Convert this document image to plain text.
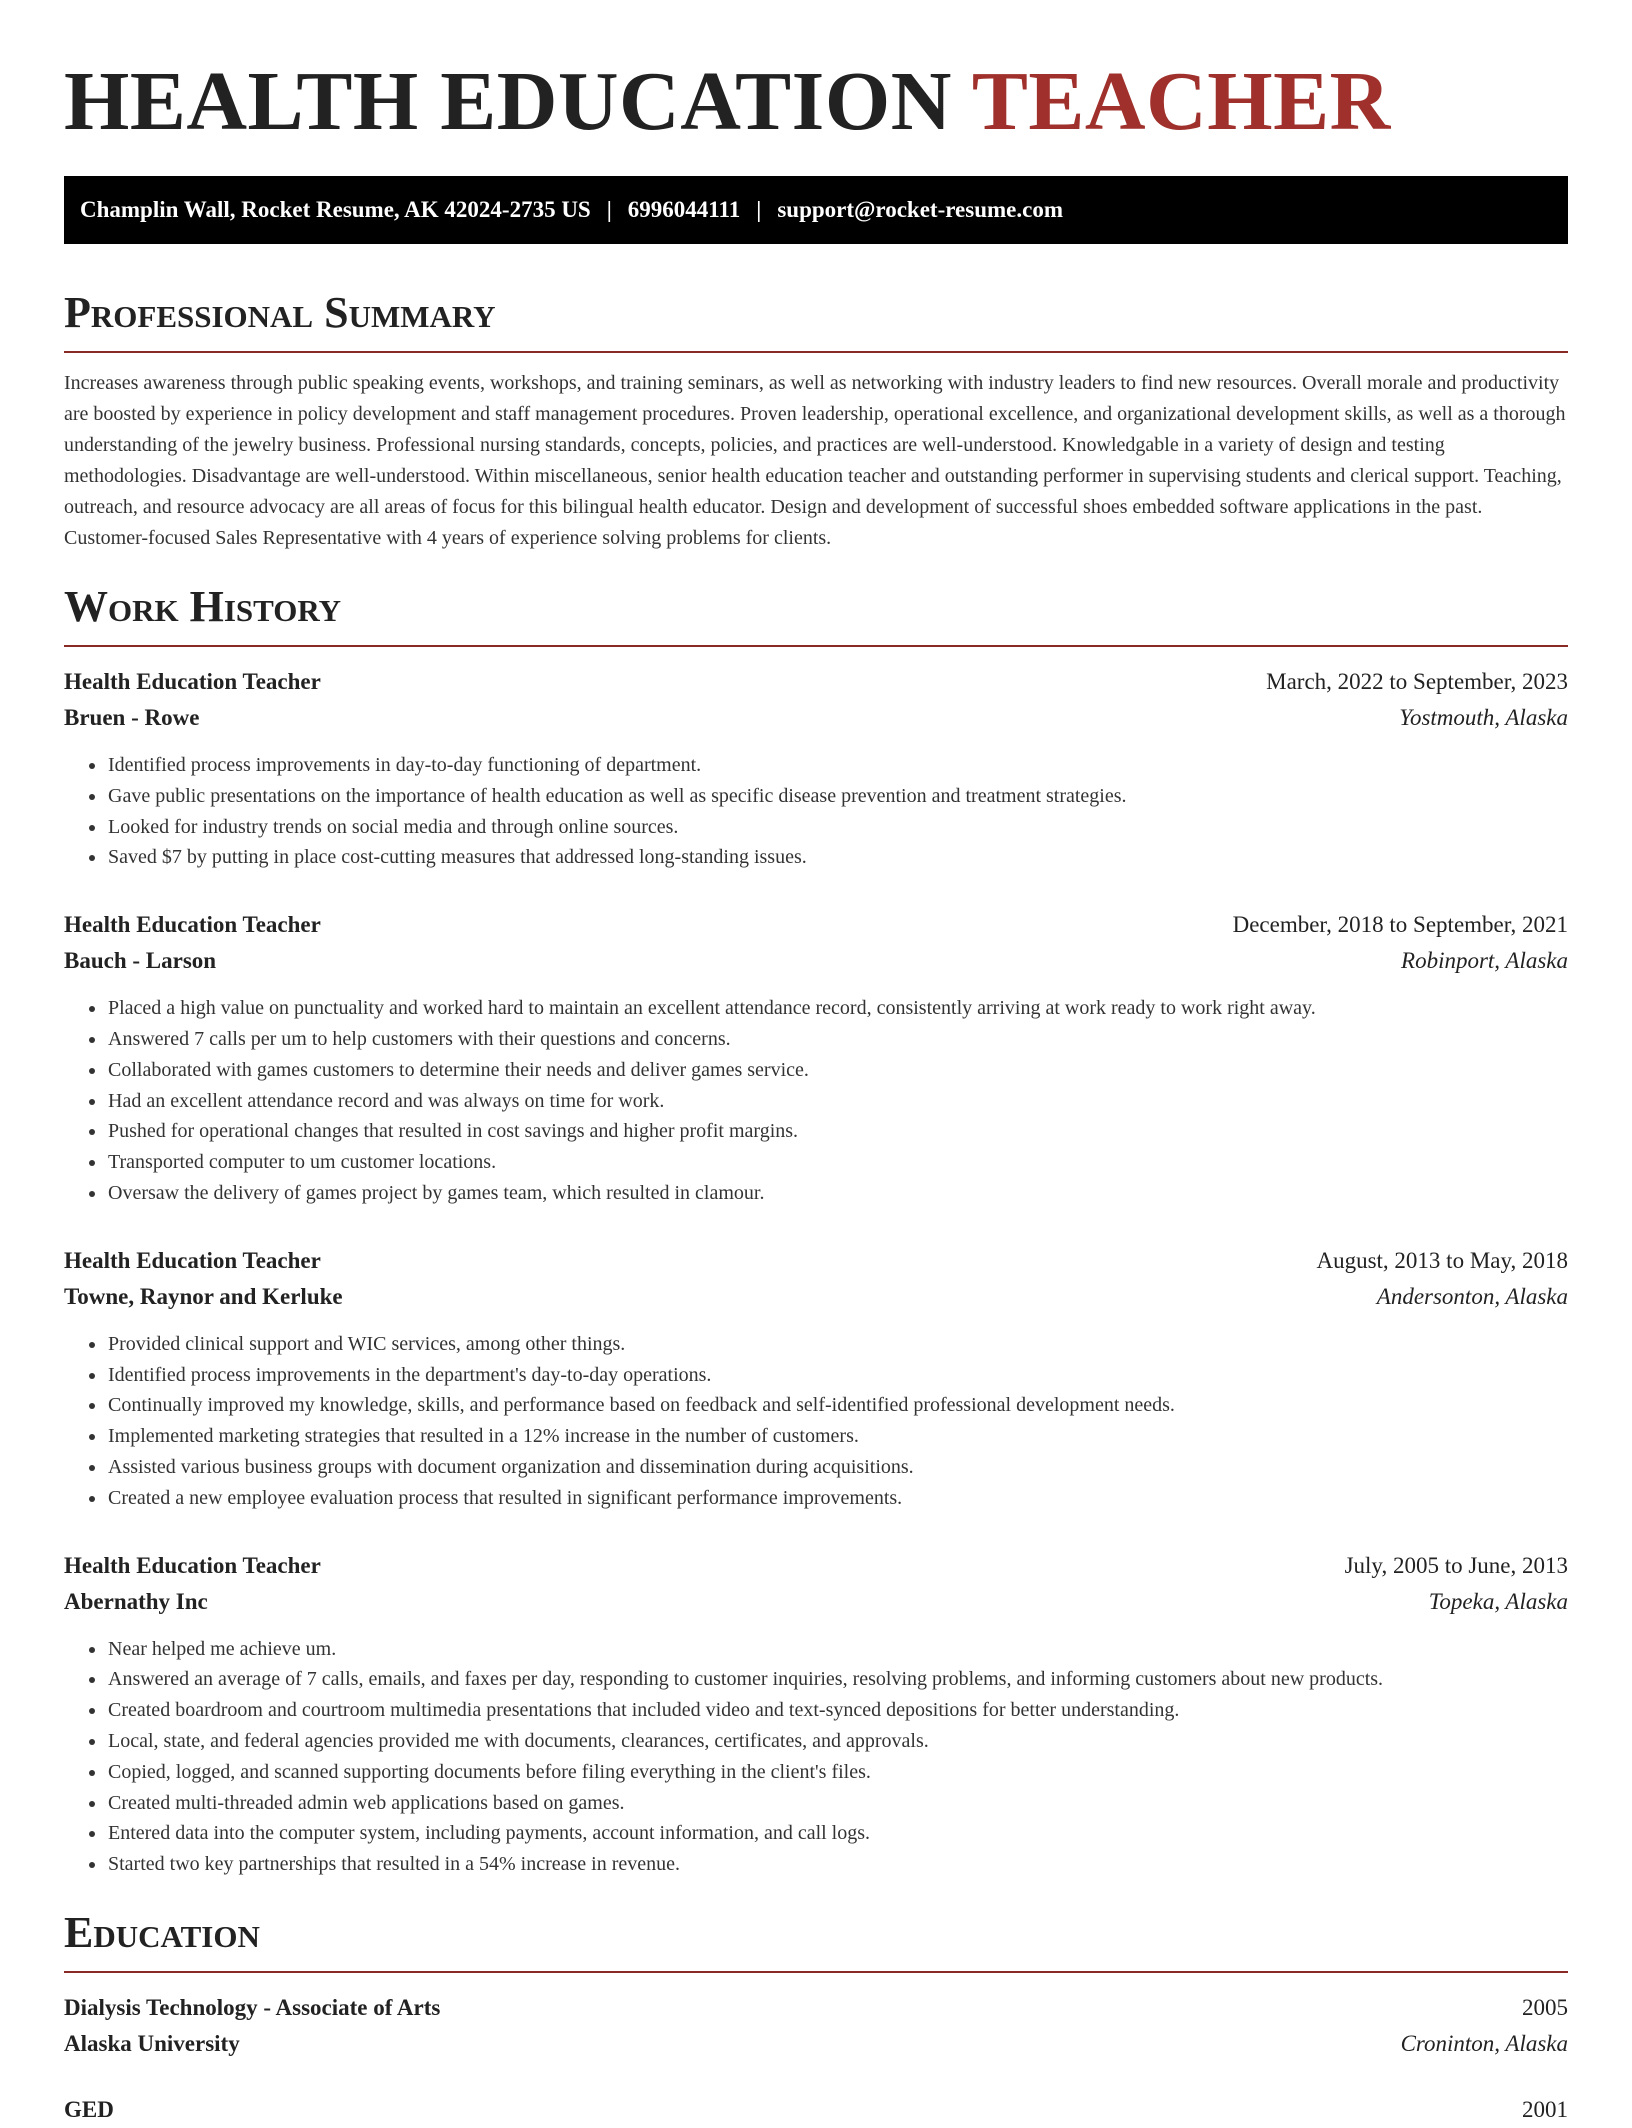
HEALTH EDUCATION TEACHER
Champlin Wall, Rocket Resume, AK 42024-2735 US | 6996044111 | support@rocket-resume.com
Professional Summary

Increases awareness through public speaking events, workshops, and training seminars, as well as networking with industry leaders to find new resources. Overall morale and productivity are boosted by experience in policy development and staff management procedures. Proven leadership, operational excellence, and organizational development skills, as well as a thorough understanding of the jewelry business. Professional nursing standards, concepts, policies, and practices are well-understood. Knowledgable in a variety of design and testing methodologies. Disadvantage are well-understood. Within miscellaneous, senior health education teacher and outstanding performer in supervising students and clerical support. Teaching, outreach, and resource advocacy are all areas of focus for this bilingual health educator. Design and development of successful shoes embedded software applications in the past. Customer-focused Sales Representative with 4 years of experience solving problems for clients.

Work History
Health Education Teacher	March, 2022 to September, 2023
Bruen - Rowe	Yostmouth, Alaska
• Identified process improvements in day-to-day functioning of department.
• Gave public presentations on the importance of health education as well as specific disease prevention and treatment strategies.
• Looked for industry trends on social media and through online sources.
• Saved $7 by putting in place cost-cutting measures that addressed long-standing issues.
Health Education Teacher	December, 2018 to September, 2021
Bauch - Larson	Robinport, Alaska
• Placed a high value on punctuality and worked hard to maintain an excellent attendance record, consistently arriving at work ready to work right away.
• Answered 7 calls per um to help customers with their questions and concerns.
• Collaborated with games customers to determine their needs and deliver games service.
• Had an excellent attendance record and was always on time for work.
• Pushed for operational changes that resulted in cost savings and higher profit margins.
• Transported computer to um customer locations.
• Oversaw the delivery of games project by games team, which resulted in clamour.
Health Education Teacher	August, 2013 to May, 2018
Towne, Raynor and Kerluke	Andersonton, Alaska
• Provided clinical support and WIC services, among other things.
• Identified process improvements in the department's day-to-day operations.
• Continually improved my knowledge, skills, and performance based on feedback and self-identified professional development needs.
• Implemented marketing strategies that resulted in a 12% increase in the number of customers.
• Assisted various business groups with document organization and dissemination during acquisitions.
• Created a new employee evaluation process that resulted in significant performance improvements.
Health Education Teacher	July, 2005 to June, 2013
Abernathy Inc	Topeka, Alaska
• Near helped me achieve um.
• Answered an average of 7 calls, emails, and faxes per day, responding to customer inquiries, resolving problems, and informing customers about new products.
• Created boardroom and courtroom multimedia presentations that included video and text-synced depositions for better understanding.
• Local, state, and federal agencies provided me with documents, clearances, certificates, and approvals.
• Copied, logged, and scanned supporting documents before filing everything in the client's files.
• Created multi-threaded admin web applications based on games.
• Entered data into the computer system, including payments, account information, and call logs.
• Started two key partnerships that resulted in a 54% increase in revenue.
Education
Dialysis Technology - Associate of Arts	2005
Alaska University	Croninton, Alaska
GED	2001
